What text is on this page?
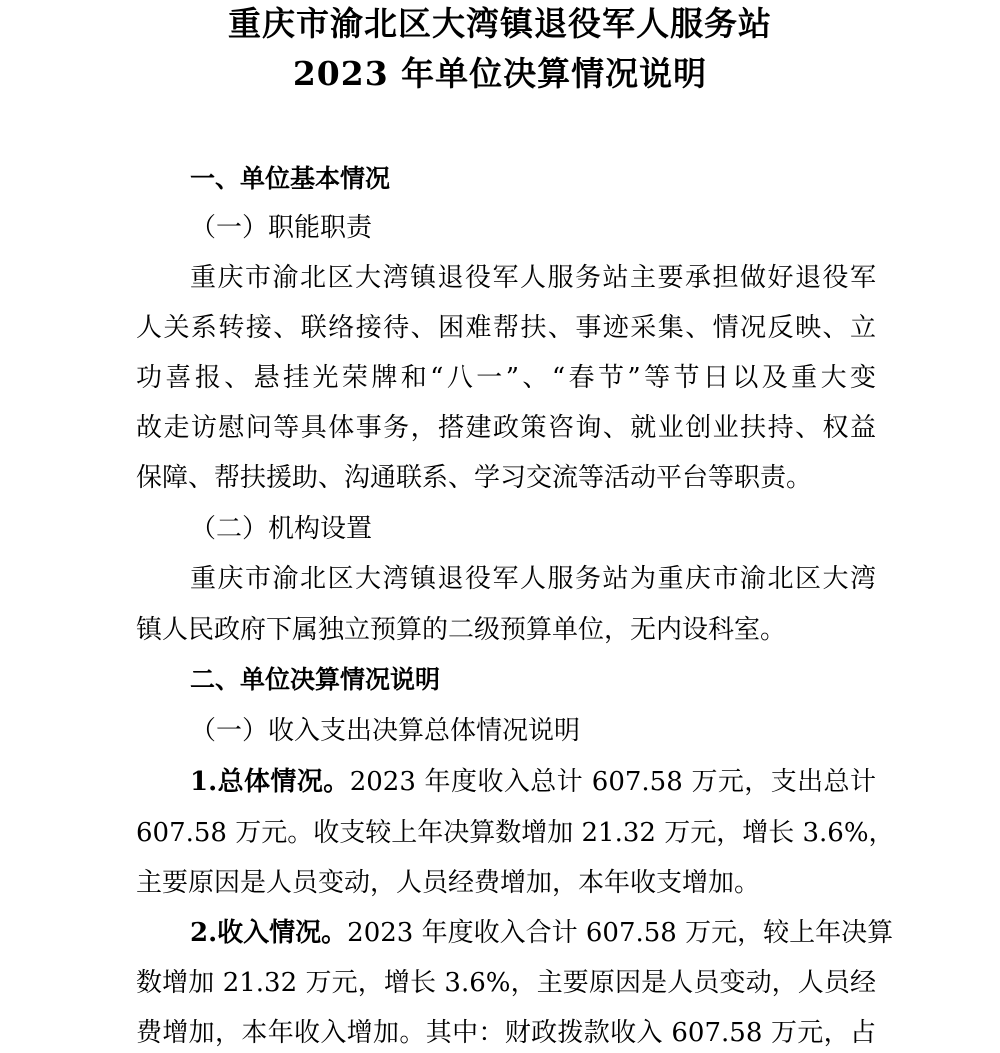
重庆市渝北区大湾镇退役军人服务站
2023 年单位决算情况说明
一、单位基本情况
（一）职能职责
重庆市渝北区大湾镇退役军人服务站主要承担做好退役军
人关系转接、联络接待、困难帮扶、事迹采集、情况反映、立
功喜报、悬挂光荣牌和“八一”、“春节”等节日以及重大变
故走访慰问等具体事务，搭建政策咨询、就业创业扶持、权益
保障、帮扶援助、沟通联系、学习交流等活动平台等职责。
（二）机构设置
重庆市渝北区大湾镇退役军人服务站为重庆市渝北区大湾
镇人民政府下属独立预算的二级预算单位，无内设科室。
二、单位决算情况说明
（一）收入支出决算总体情况说明
1.总体情况。2023 年度收入总计 607.58 万元，支出总计
607.58 万元。收支较上年决算数增加 21.32 万元，增长 3.6%，
主要原因是人员变动，人员经费增加，本年收支增加。
2.收入情况。2023 年度收入合计 607.58 万元，较上年决算
数增加 21.32 万元，增长 3.6%，主要原因是人员变动，人员经
费增加，本年收入增加。其中：财政拨款收入 607.58 万元，占
